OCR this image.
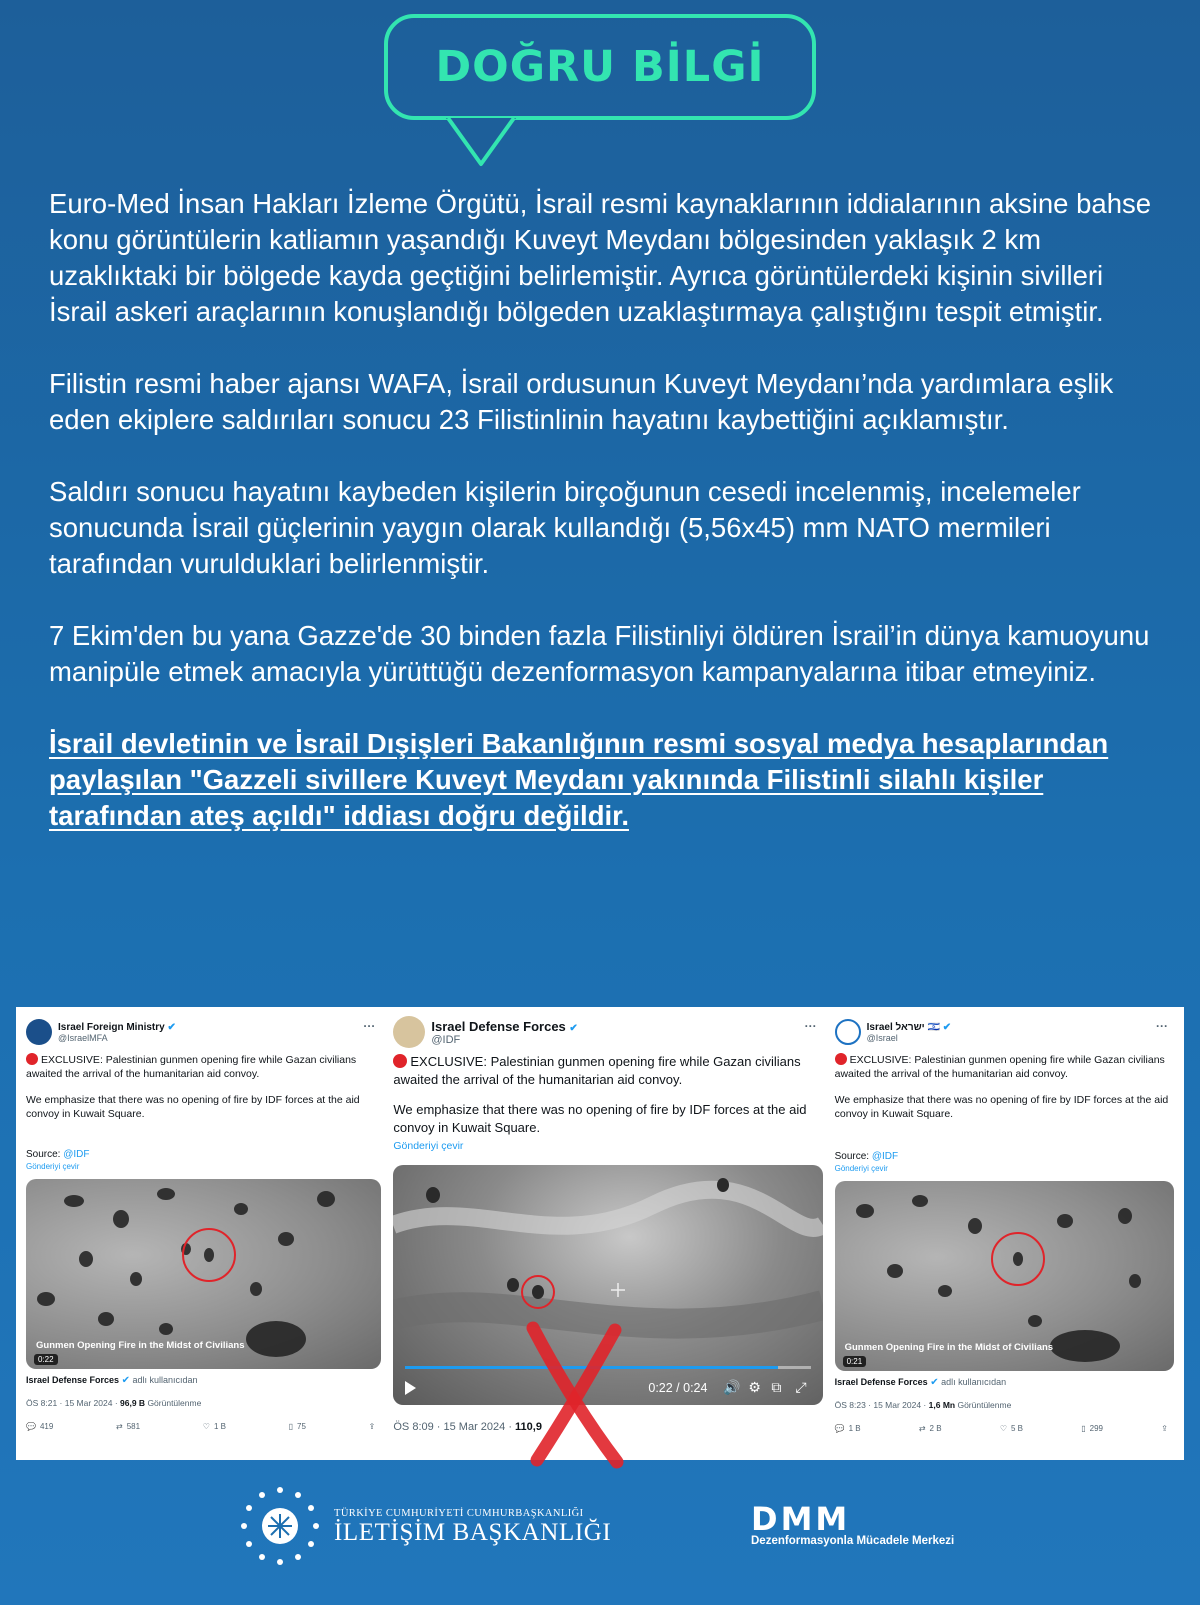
DOĞRU BİLGİ

Euro-Med İnsan Hakları İzleme Örgütü, İsrail resmi kaynaklarının iddialarının aksine bahse konu görüntülerin katliamın yaşandığı Kuveyt Meydanı bölgesinden yaklaşık 2 km uzaklıktaki bir bölgede kayda geçtiğini belirlemiştir. Ayrıca görüntülerdeki kişinin sivilleri İsrail askeri araçlarının konuşlandığı bölgeden uzaklaştırmaya çalıştığını tespit etmiştir.

Filistin resmi haber ajansı WAFA, İsrail ordusunun Kuveyt Meydanı’nda yardımlara eşlik eden ekiplere saldırıları sonucu 23 Filistinlinin hayatını kaybettiğini açıklamıştır.

Saldırı sonucu hayatını kaybeden kişilerin birçoğunun cesedi incelenmiş, incelemeler sonucunda İsrail güçlerinin yaygın olarak kullandığı (5,56x45) mm NATO mermileri tarafından vurulduklari belirlenmiştir.

7 Ekim'den bu yana Gazze'de 30 binden fazla Filistinliyi öldüren İsrail’in dünya kamuoyunu manipüle etmek amacıyla yürüttüğü dezenformasyon kampanyalarına itibar etmeyiniz.

İsrail devletinin ve İsrail Dışişleri Bakanlığının resmi sosyal medya hesaplarından paylaşılan "Gazzeli sivillere Kuveyt Meydanı yakınında Filistinli silahlı kişiler tarafından ateş açıldı" iddiası doğru değildir.

Israel Foreign Ministry ✔
@IsraelMFA
···

EXCLUSIVE: Palestinian gunmen opening fire while Gazan civilians awaited the arrival of the humanitarian aid convoy.

We emphasize that there was no opening of fire by IDF forces at the aid convoy in Kuwait Square.

Source: @IDF
Gönderiyi çevir
Gunmen Opening Fire in the Midst of Civilians
0:22
Israel Defense Forces ✔ adlı kullanıcıdan
ÖS 8:21 · 15 Mar 2024 · 96,9 B Görüntülenme
💬 419	⇄ 581	♡ 1 B	▯ 75	⇪
Israel Defense Forces ✔
@IDF
···

EXCLUSIVE: Palestinian gunmen opening fire while Gazan civilians awaited the arrival of the humanitarian aid convoy.

We emphasize that there was no opening of fire by IDF forces at the aid convoy in Kuwait Square.

Gönderiyi çevir
0:22 / 0:24 🔊 ⚙ ⧉ ⤢
ÖS 8:09 · 15 Mar 2024 · 110,9
Israel ישראל 🇮🇱 ✔
@Israel
···

EXCLUSIVE: Palestinian gunmen opening fire while Gazan civilians awaited the arrival of the humanitarian aid convoy.

We emphasize that there was no opening of fire by IDF forces at the aid convoy in Kuwait Square.

Source: @IDF
Gönderiyi çevir
Gunmen Opening Fire in the Midst of Civilians
0:21
Israel Defense Forces ✔ adlı kullanıcıdan
ÖS 8:23 · 15 Mar 2024 · 1,6 Mn Görüntülenme
💬 1 B	⇄ 2 B	♡ 5 B	▯ 299	⇪
TÜRKİYE CUMHURİYETİ CUMHURBAŞKANLIĞI
İLETİŞİM BAŞKANLIĞI	DMM
Dezenformasyonla Mücadele Merkezi
